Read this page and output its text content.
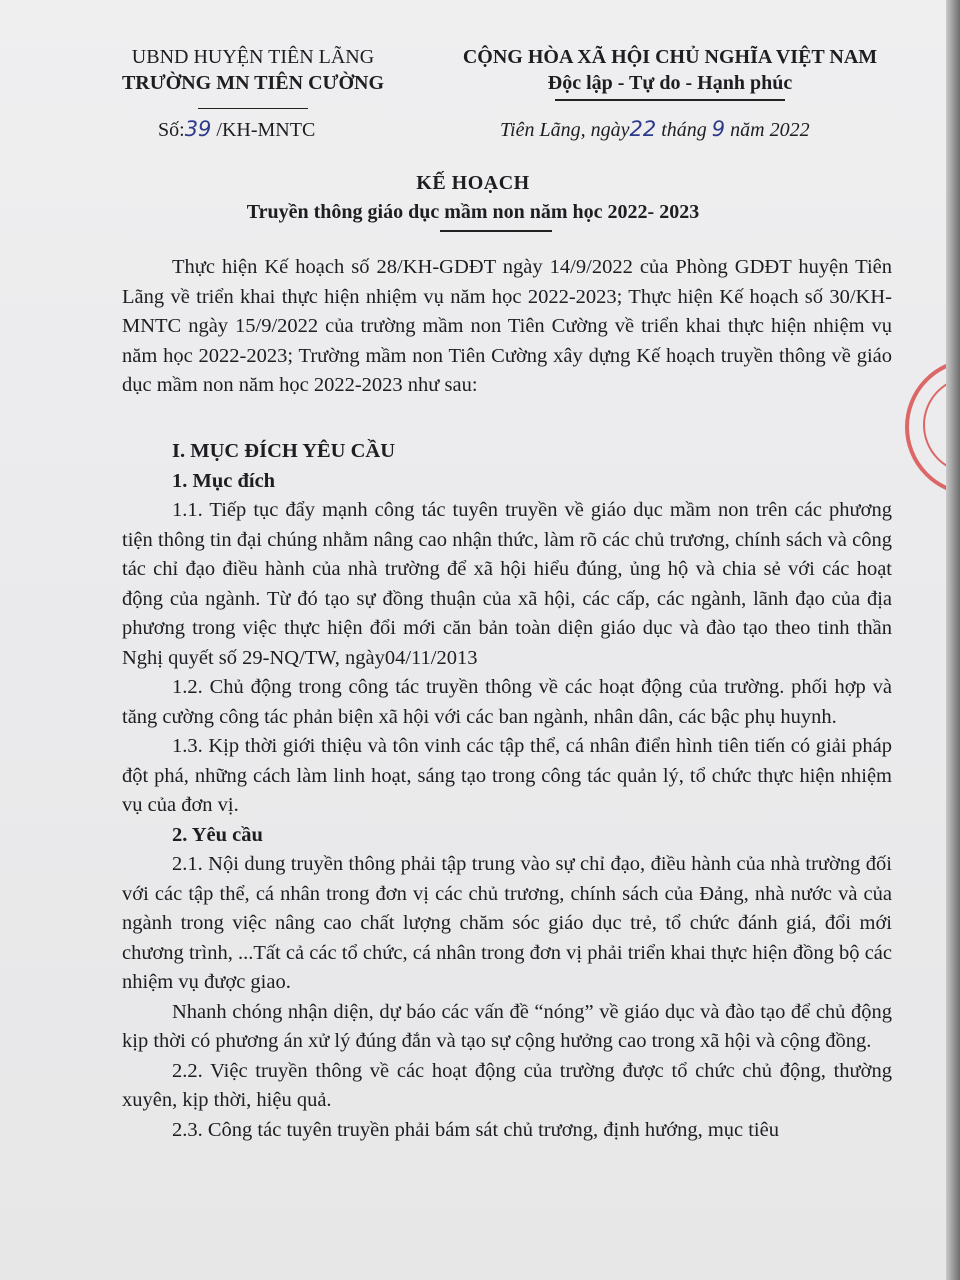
UBND HUYỆN TIÊN LÃNG
TRƯỜNG MN TIÊN CƯỜNG
CỘNG HÒA XÃ HỘI CHỦ NGHĨA VIỆT NAM
Độc lập - Tự do - Hạnh phúc
Số:39 /KH-MNTC	Tiên Lãng, ngày22 tháng 9 năm 2022
KẾ HOẠCH
Truyền thông giáo dục mầm non năm học 2022- 2023

Thực hiện Kế hoạch số 28/KH-GDĐT ngày 14/9/2022 của Phòng GDĐT huyện Tiên Lãng về triển khai thực hiện nhiệm vụ năm học 2022-2023; Thực hiện Kế hoạch số 30/KH-MNTC ngày 15/9/2022 của trường mầm non Tiên Cường về triển khai thực hiện nhiệm vụ năm học 2022-2023; Trường mầm non Tiên Cường xây dựng Kế hoạch truyền thông về giáo dục mầm non năm học 2022-2023 như sau:

I. MỤC ĐÍCH YÊU CẦU

1. Mục đích

1.1. Tiếp tục đẩy mạnh công tác tuyên truyền về giáo dục mầm non trên các phương tiện thông tin đại chúng nhằm nâng cao nhận thức, làm rõ các chủ trương, chính sách và công tác chỉ đạo điều hành của nhà trường để xã hội hiểu đúng, ủng hộ và chia sẻ với các hoạt động của ngành. Từ đó tạo sự đồng thuận của xã hội, các cấp, các ngành, lãnh đạo của địa phương trong việc thực hiện đổi mới căn bản toàn diện giáo dục và đào tạo theo tinh thần Nghị quyết số 29-NQ/TW, ngày04/11/2013

1.2. Chủ động trong công tác truyền thông về các hoạt động của trường. phối hợp và tăng cường công tác phản biện xã hội với các ban ngành, nhân dân, các bậc phụ huynh.

1.3. Kịp thời giới thiệu và tôn vinh các tập thể, cá nhân điển hình tiên tiến có giải pháp đột phá, những cách làm linh hoạt, sáng tạo trong công tác quản lý, tổ chức thực hiện nhiệm vụ của đơn vị.

2. Yêu cầu

2.1. Nội dung truyền thông phải tập trung vào sự chỉ đạo, điều hành của nhà trường đối với các tập thể, cá nhân trong đơn vị các chủ trương, chính sách của Đảng, nhà nước và của ngành trong việc nâng cao chất lượng chăm sóc giáo dục trẻ, tổ chức đánh giá, đổi mới chương trình, ...Tất cả các tổ chức, cá nhân trong đơn vị phải triển khai thực hiện đồng bộ các nhiệm vụ được giao.

Nhanh chóng nhận diện, dự báo các vấn đề “nóng” về giáo dục và đào tạo để chủ động kịp thời có phương án xử lý đúng đắn và tạo sự cộng hưởng cao trong xã hội và cộng đồng.

2.2. Việc truyền thông về các hoạt động của trường được tổ chức chủ động, thường xuyên, kịp thời, hiệu quả.

2.3. Công tác tuyên truyền phải bám sát chủ trương, định hướng, mục tiêu
